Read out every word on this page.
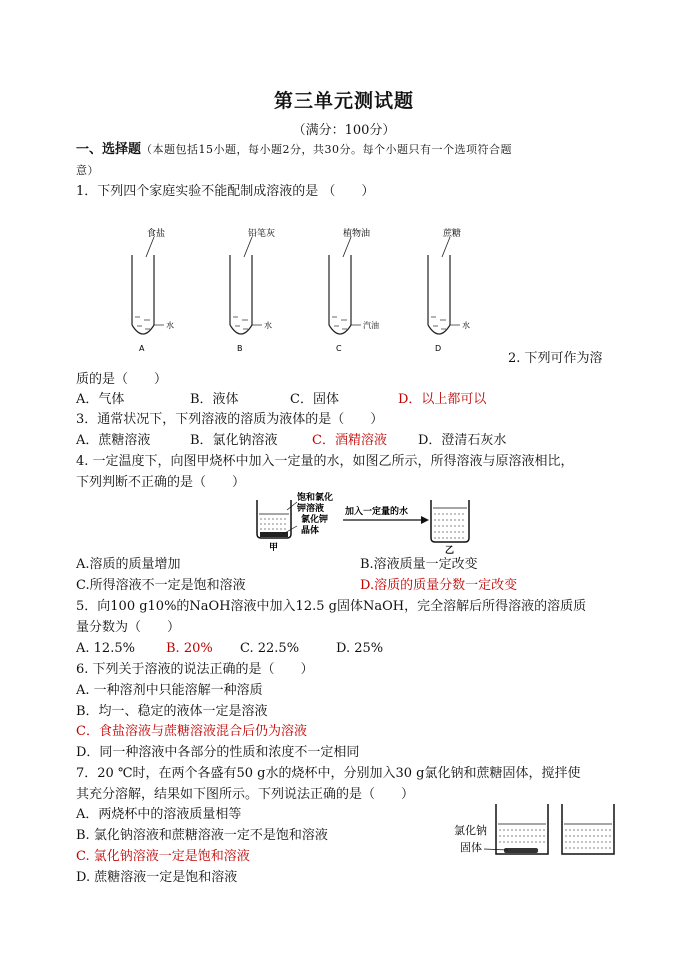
第三单元测试题
（满分：100分）
一、选择题（本题包括15小题，每小题2分，共30分。每个小题只有一个选项符合题
意）
1．下列四个家庭实验不能配制成溶液的是 （　　）
食盐
水
A
铅笔灰
水
B
植物油
汽油
C
蔗糖
水
D
2. 下列可作为溶
质的是（　　）
A．气体	B．液体	C．固体	D．以上都可以
3．通常状况下，下列溶液的溶质为液体的是（　　）
A．蔗糖溶液	B．氯化钠溶液	C．酒精溶液 D．澄清石灰水
4. 一定温度下，向图甲烧杯中加入一定量的水，如图乙所示，所得溶液与原溶液相比，
下列判断不正确的是（　　）
饱和氯化
钾溶液
氯化钾
晶体
甲
加入一定量的水
乙
A.溶质的质量增加	B.溶液质量一定改变
C.所得溶液不一定是饱和溶液	D.溶质的质量分数一定改变
5．向100 g10%的NaOH溶液中加入12.5 g固体NaOH，完全溶解后所得溶液的溶质质
量分数为（　　）
A. 12.5% B. 20% C. 22.5%	D. 25%
6. 下列关于溶液的说法正确的是（　　）
A. 一种溶剂中只能溶解一种溶质
B．均一、稳定的液体一定是溶液
C．食盐溶液与蔗糖溶液混合后仍为溶液
D．同一种溶液中各部分的性质和浓度不一定相同
7．20 ℃时，在两个各盛有50 g水的烧杯中，分别加入30 g氯化钠和蔗糖固体，搅拌使
其充分溶解，结果如下图所示。下列说法正确的是（　　）
A．两烧杯中的溶液质量相等
B. 氯化钠溶液和蔗糖溶液一定不是饱和溶液
C. 氯化钠溶液一定是饱和溶液
D. 蔗糖溶液一定是饱和溶液
氯化钠
固体
